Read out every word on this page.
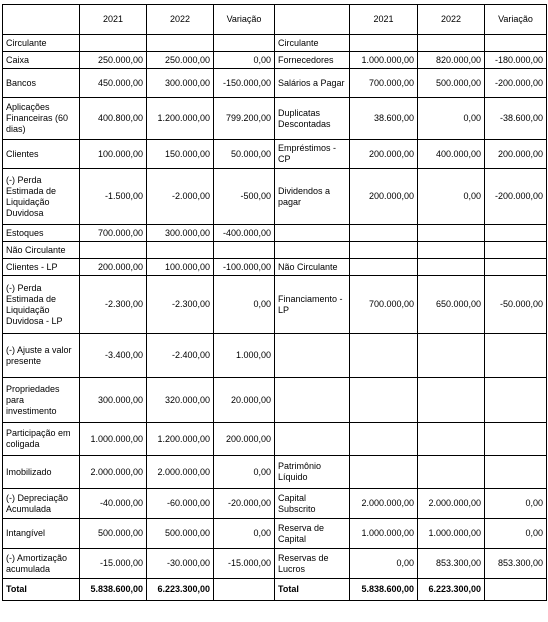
	2021	2022	Variação		2021	2022	Variação
Circulante				Circulante			
Caixa	250.000,00	250.000,00	0,00	Fornecedores	1.000.000,00	820.000,00	-180.000,00
Bancos	450.000,00	300.000,00	-150.000,00	Salários a Pagar	700.000,00	500.000,00	-200.000,00
Aplicações Financeiras (60 dias)	400.800,00	1.200.000,00	799.200,00	Duplicatas Descontadas	38.600,00	0,00	-38.600,00
Clientes	100.000,00	150.000,00	50.000,00	Empréstimos - CP	200.000,00	400.000,00	200.000,00
(-) Perda Estimada de Liquidação Duvidosa	-1.500,00	-2.000,00	-500,00	Dividendos a pagar	200.000,00	0,00	-200.000,00
Estoques	700.000,00	300.000,00	-400.000,00				
Não Circulante							
Clientes - LP	200.000,00	100.000,00	-100.000,00	Não Circulante			
(-) Perda Estimada de Liquidação Duvidosa - LP	-2.300,00	-2.300,00	0,00	Financiamento - LP	700.000,00	650.000,00	-50.000,00
(-) Ajuste a valor presente	-3.400,00	-2.400,00	1.000,00				
Propriedades para investimento	300.000,00	320.000,00	20.000,00				
Participação em coligada	1.000.000,00	1.200.000,00	200.000,00				
Imobilizado	2.000.000,00	2.000.000,00	0,00	Patrimônio Líquido			
(-) Depreciação Acumulada	-40.000,00	-60.000,00	-20.000,00	Capital Subscrito	2.000.000,00	2.000.000,00	0,00
Intangível	500.000,00	500.000,00	0,00	Reserva de Capital	1.000.000,00	1.000.000,00	0,00
(-) Amortização acumulada	-15.000,00	-30.000,00	-15.000,00	Reservas de Lucros	0,00	853.300,00	853.300,00
Total	5.838.600,00	6.223.300,00		Total	5.838.600,00	6.223.300,00	
